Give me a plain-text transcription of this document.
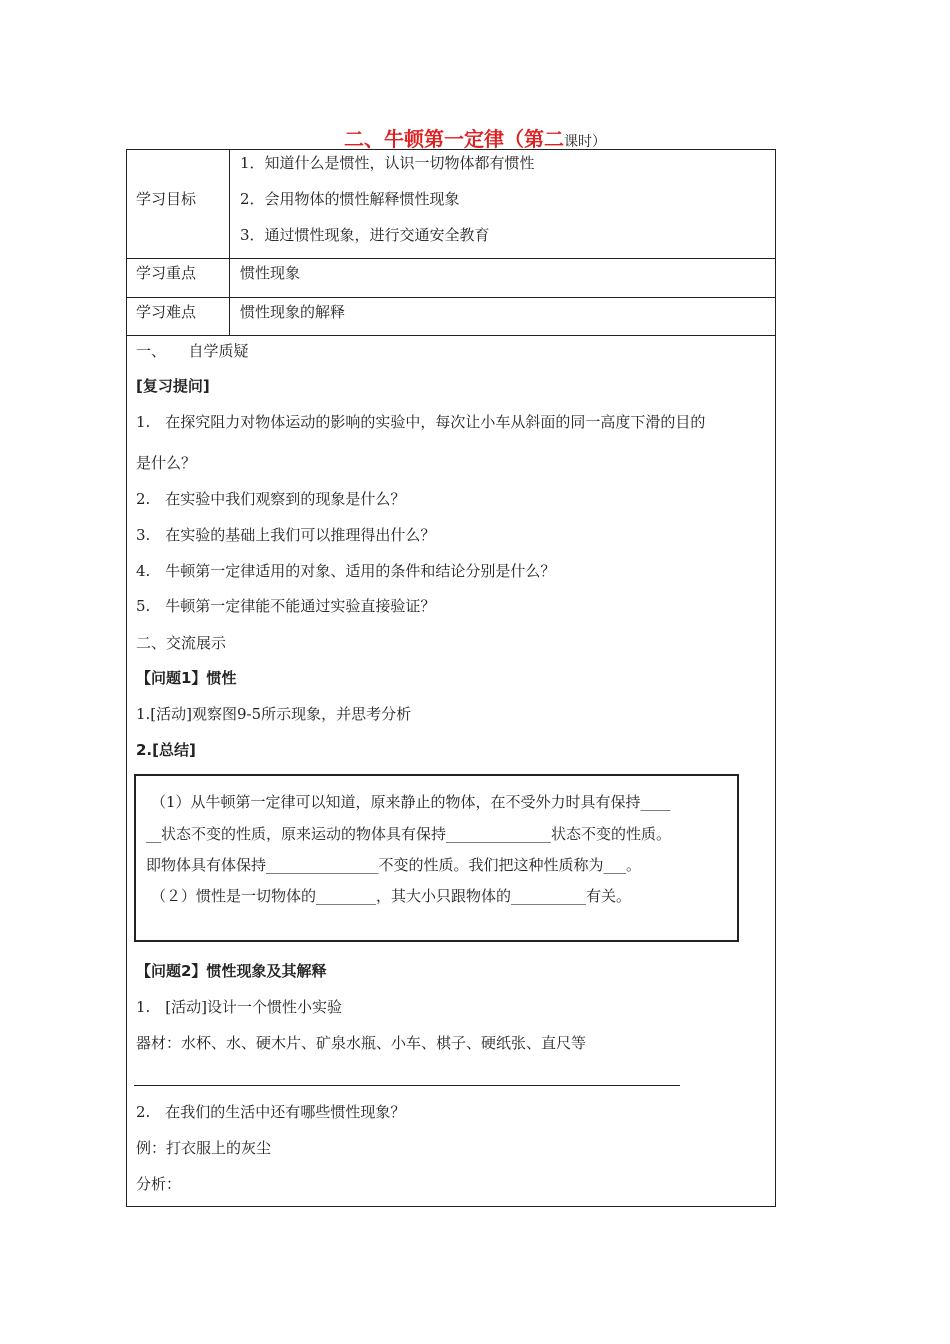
二、牛顿第一定律（第二课时）
学习目标
1．知道什么是惯性，认识一切物体都有惯性
2．会用物体的惯性解释惯性现象
3．通过惯性现象，进行交通安全教育
学习重点	惯性现象
学习难点	惯性现象的解释
一、　　自学质疑
[复习提问]
1.　在探究阻力对物体运动的影响的实验中，每次让小车从斜面的同一高度下滑的目的
是什么？
2.　在实验中我们观察到的现象是什么？
3.　在实验的基础上我们可以推理得出什么？
4.　牛顿第一定律适用的对象、适用的条件和结论分别是什么？
5.　牛顿第一定律能不能通过实验直接验证？
二、交流展示
【问题1】惯性
1.[活动]观察图9-5所示现象，并思考分析
2.[总结]
（1）从牛顿第一定律可以知道，原来静止的物体，在不受外力时具有保持____
__状态不变的性质，原来运动的物体具有保持______________状态不变的性质。
即物体具有体保持_______________不变的性质。我们把这种性质称为___。
（２）惯性是一切物体的________，其大小只跟物体的__________有关。
【问题2】惯性现象及其解释
1.　[活动]设计一个惯性小实验
器材：水杯、水、硬木片、矿泉水瓶、小车、棋子、硬纸张、直尺等
2.　在我们的生活中还有哪些惯性现象？
例：打衣服上的灰尘
分析：
